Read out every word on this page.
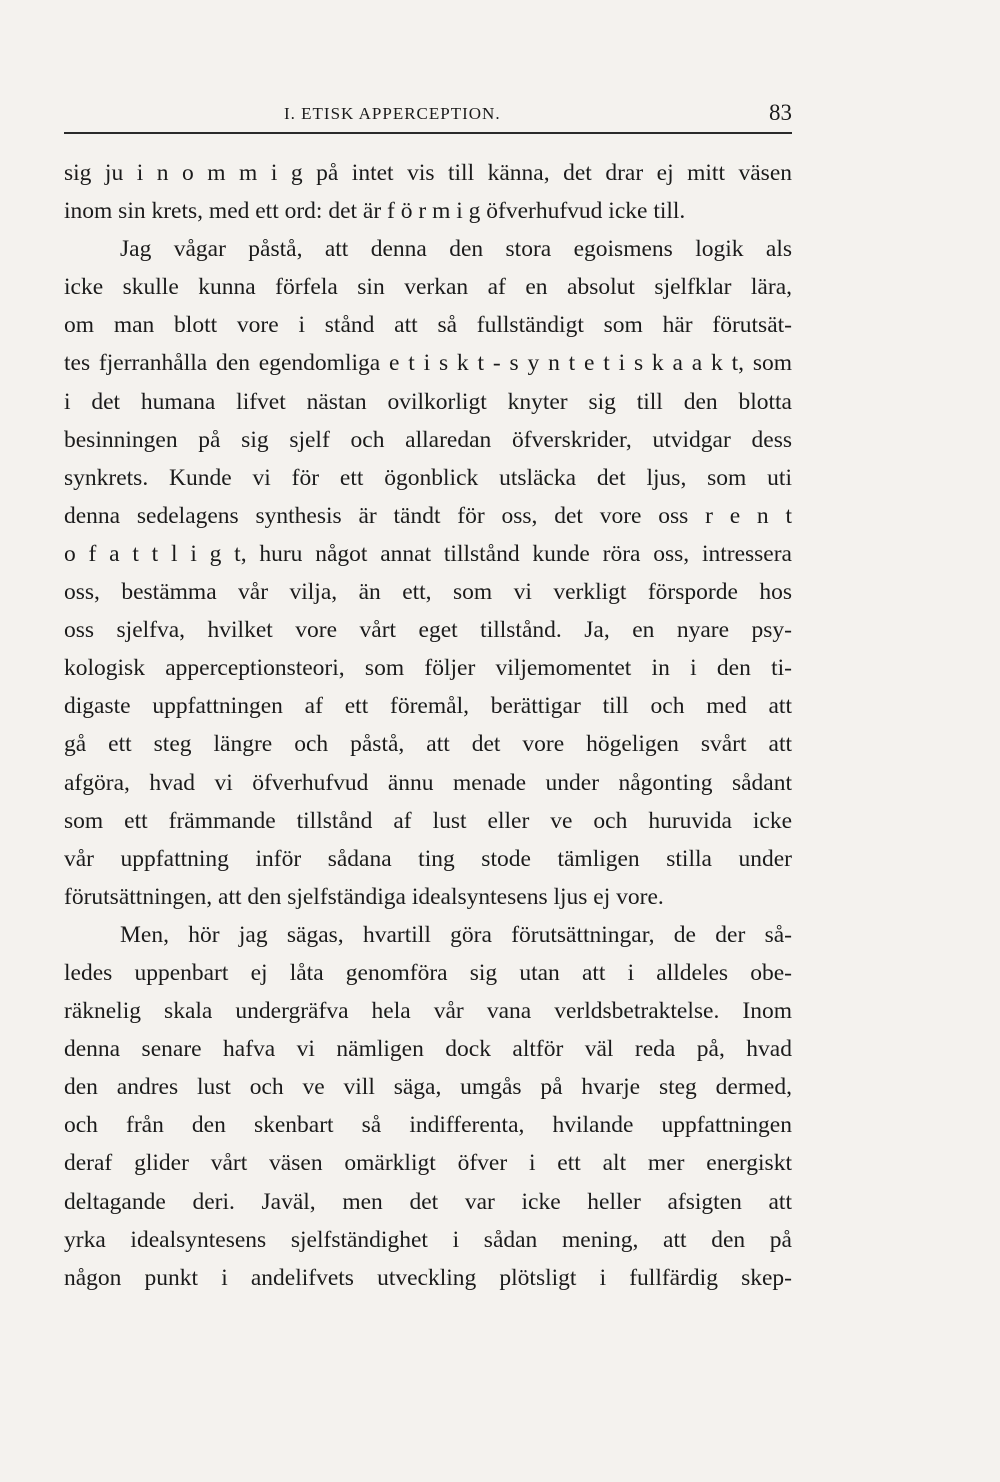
I. ETISK APPERCEPTION.	83
sig ju i n o m m i g på intet vis till känna, det drar ej mitt väsen
inom sin krets, med ett ord: det är f ö r m i g öfverhufvud icke till.
Jag vågar påstå, att denna den stora egoismens logik als
icke skulle kunna förfela sin verkan af en absolut sjelfklar lära,
om man blott vore i stånd att så fullständigt som här förutsät-
tes fjerranhålla den egendomliga e t i s k t - s y n t e t i s k a a k t, som
i det humana lifvet nästan ovilkorligt knyter sig till den blotta
besinningen på sig sjelf och allaredan öfverskrider, utvidgar dess
synkrets. Kunde vi för ett ögonblick utsläcka det ljus, som uti
denna sedelagens synthesis är tändt för oss, det vore oss r e n t
o f a t t l i g t, huru något annat tillstånd kunde röra oss, intressera
oss, bestämma vår vilja, än ett, som vi verkligt försporde hos
oss sjelfva, hvilket vore vårt eget tillstånd. Ja, en nyare psy-
kologisk apperceptionsteori, som följer viljemomentet in i den ti-
digaste uppfattningen af ett föremål, berättigar till och med att
gå ett steg längre och påstå, att det vore högeligen svårt att
afgöra, hvad vi öfverhufvud ännu menade under någonting sådant
som ett främmande tillstånd af lust eller ve och huruvida icke
vår uppfattning inför sådana ting stode tämligen stilla under
förutsättningen, att den sjelfständiga idealsyntesens ljus ej vore.
Men, hör jag sägas, hvartill göra förutsättningar, de der så-
ledes uppenbart ej låta genomföra sig utan att i alldeles obe-
räknelig skala undergräfva hela vår vana verldsbetraktelse. Inom
denna senare hafva vi nämligen dock altför väl reda på, hvad
den andres lust och ve vill säga, umgås på hvarje steg dermed,
och från den skenbart så indifferenta, hvilande uppfattningen
deraf glider vårt väsen omärkligt öfver i ett alt mer energiskt
deltagande deri. Javäl, men det var icke heller afsigten att
yrka idealsyntesens sjelfständighet i sådan mening, att den på
någon punkt i andelifvets utveckling plötsligt i fullfärdig skep-
